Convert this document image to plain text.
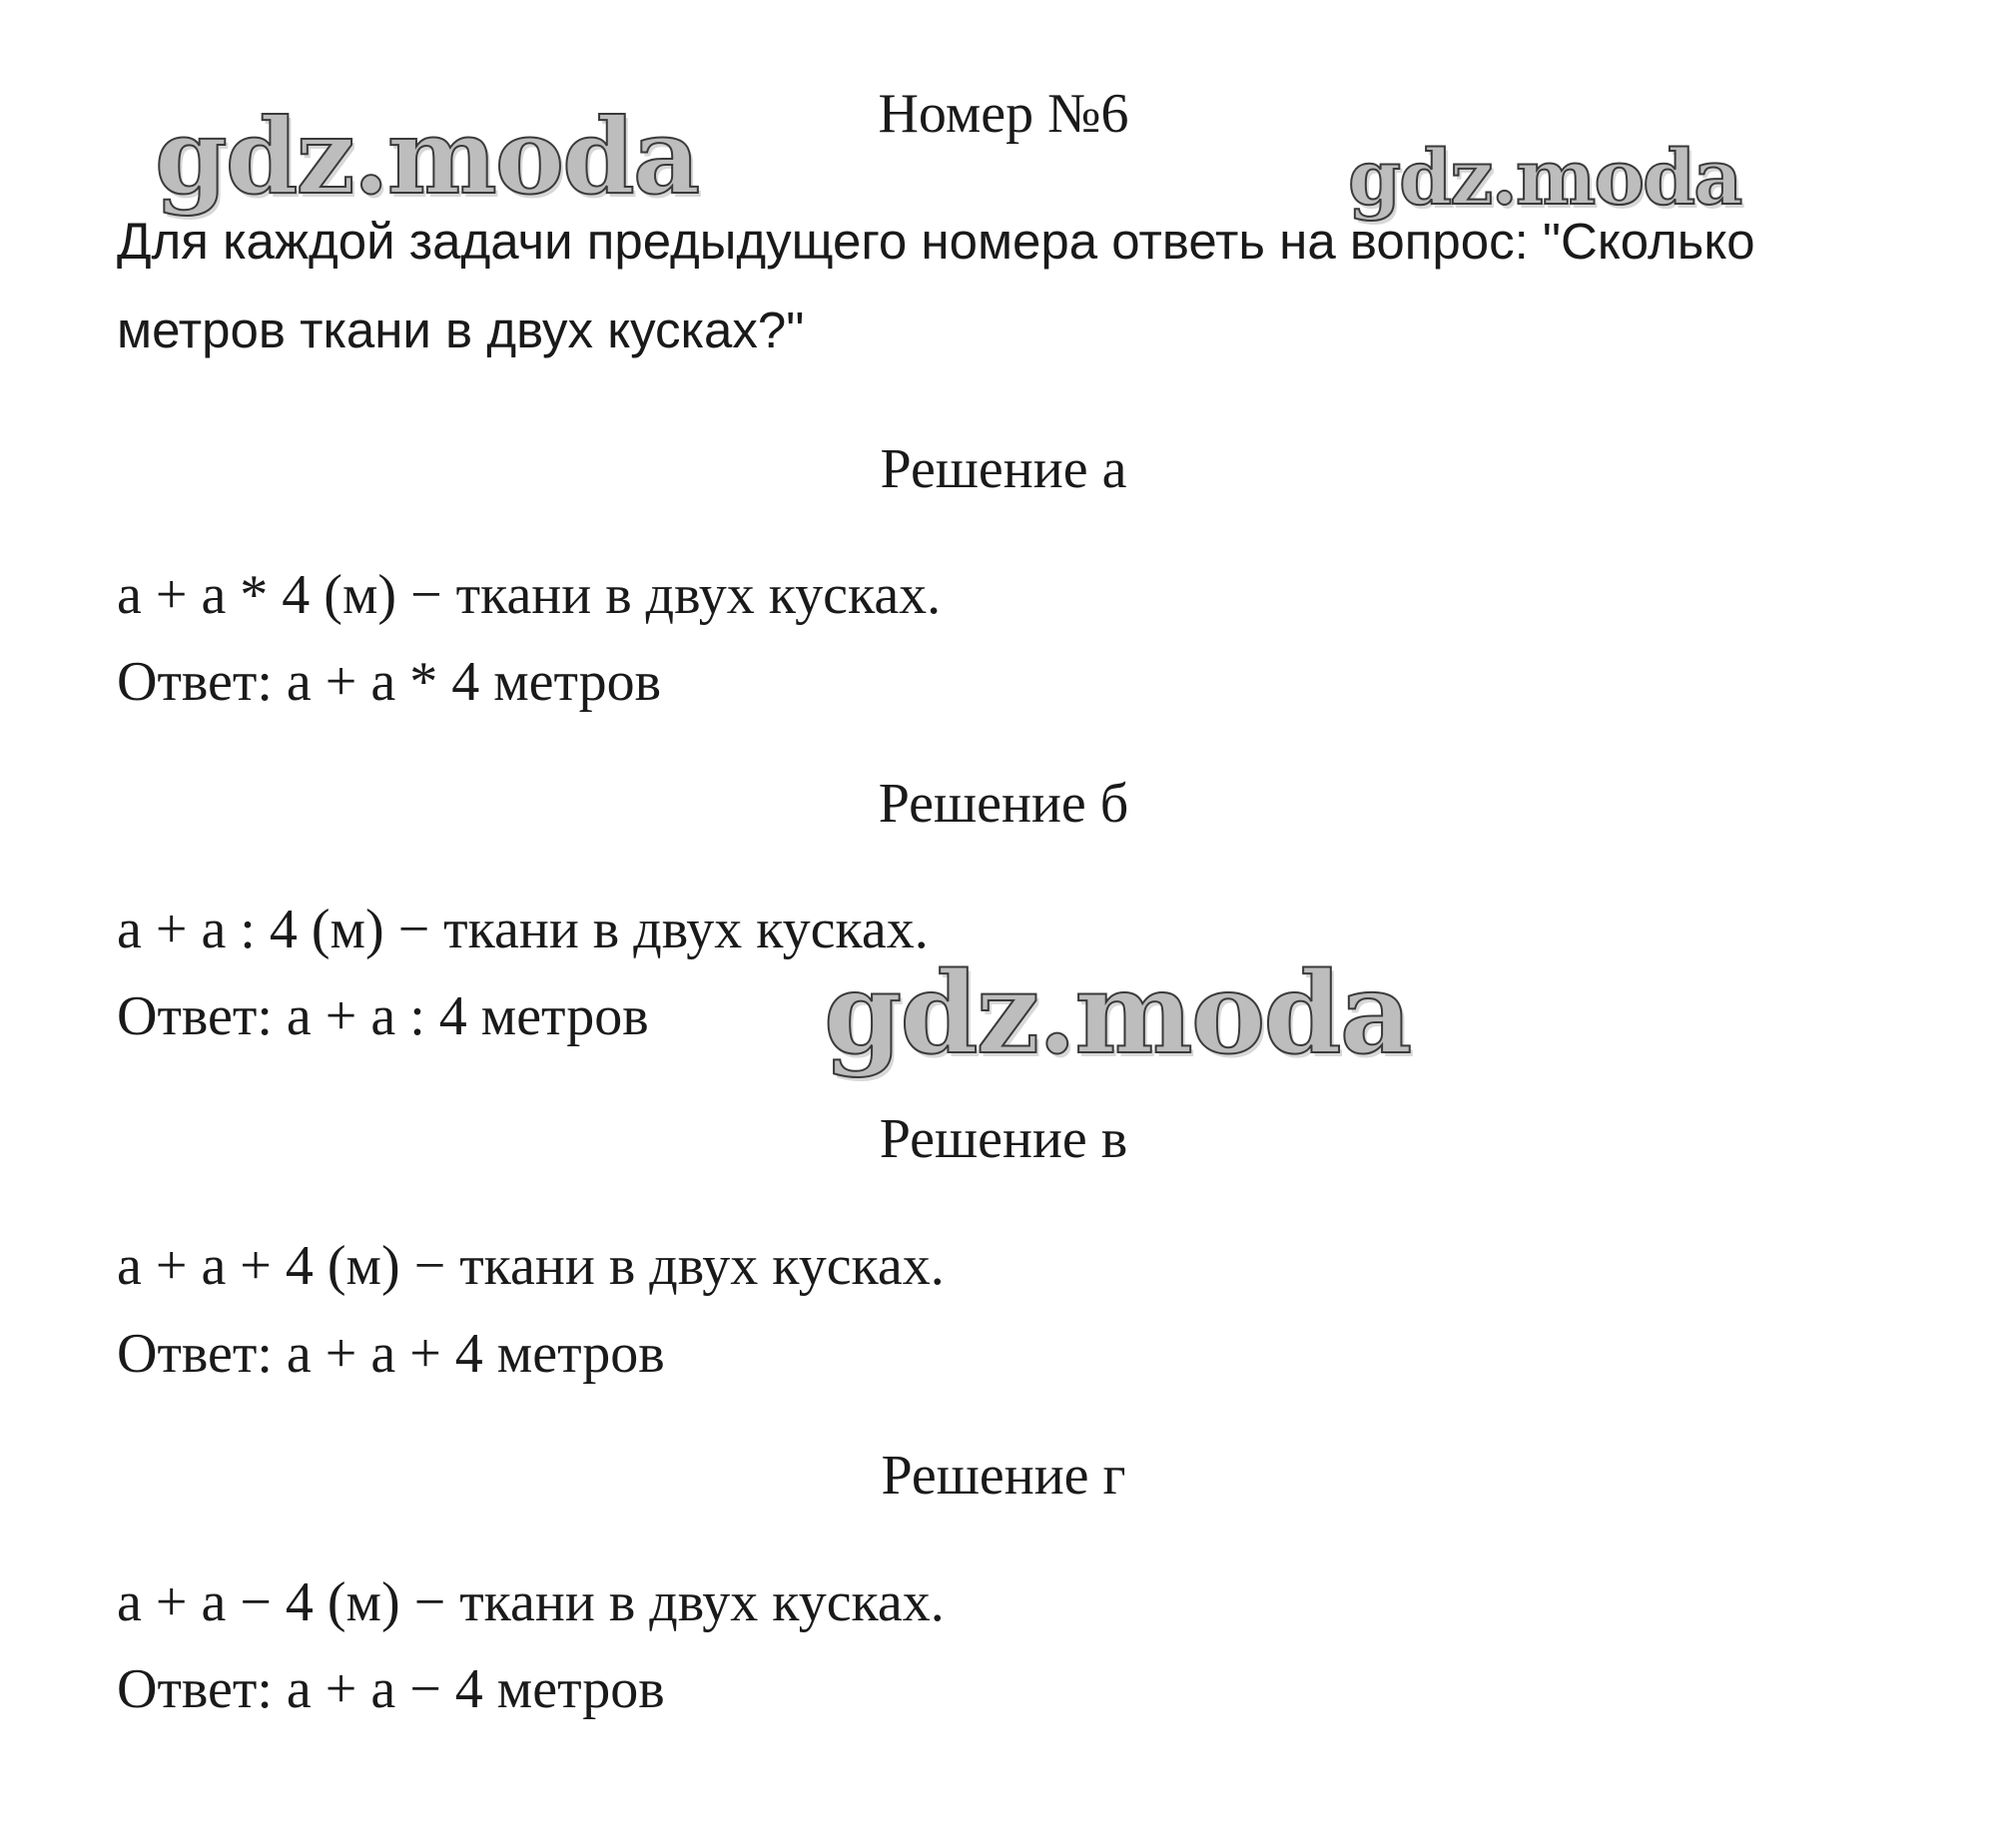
gdz.moda	gdz.moda
gdz.moda
Номер №6

Для каждой задачи предыдущего номера ответь на вопрос: "Сколько

метров ткани в двух кусках?"

Решение а

а + а * 4 (м) − ткани в двух кусках.

Ответ: а + а * 4 метров

Решение б

а + а : 4 (м) − ткани в двух кусках.

Ответ: а + а : 4 метров

Решение в

а + а + 4 (м) − ткани в двух кусках.

Ответ: а + а + 4 метров

Решение г

а + а − 4 (м) − ткани в двух кусках.

Ответ: а + а − 4 метров
